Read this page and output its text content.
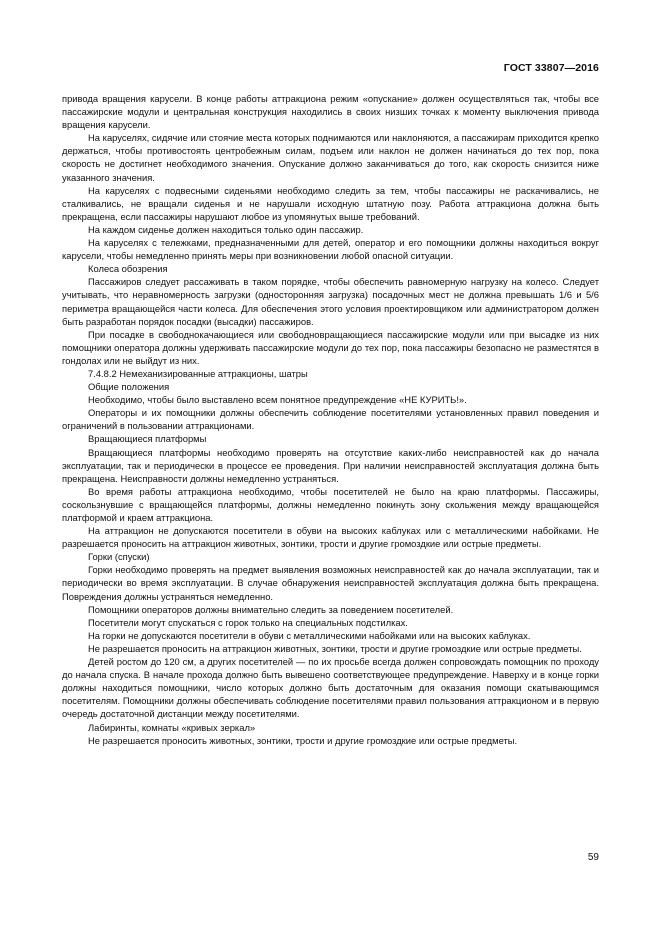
ГОСТ 33807—2016

привода вращения карусели. В конце работы аттракциона режим «опускание» должен осуществляться так, чтобы все пассажирские модули и центральная конструкция находились в своих низших точках к моменту выключения привода вращения карусели.

На каруселях, сидячие или стоячие места которых поднимаются или наклоняются, а пассажирам приходится крепко держаться, чтобы противостоять центробежным силам, подъем или наклон не должен начинаться до тех пор, пока скорость не достигнет необходимого значения. Опускание должно заканчиваться до того, как скорость снизится ниже указанного значения.

На каруселях с подвесными сиденьями необходимо следить за тем, чтобы пассажиры не раскачивались, не сталкивались, не вращали сиденья и не нарушали исходную штатную позу. Работа аттракциона должна быть прекращена, если пассажиры нарушают любое из упомянутых выше требований.

На каждом сиденье должен находиться только один пассажир.

На каруселях с тележками, предназначенными для детей, оператор и его помощники должны находиться вокруг карусели, чтобы немедленно принять меры при возникновении любой опасной ситуации.

Колеса обозрения

Пассажиров следует рассаживать в таком порядке, чтобы обеспечить равномерную нагрузку на колесо. Следует учитывать, что неравномерность загрузки (односторонняя загрузка) посадочных мест не должна превышать 1/6 и 5/6 периметра вращающейся части колеса. Для обеспечения этого условия проектировщиком или администратором должен быть разработан порядок посадки (высадки) пассажиров.

При посадке в свободнокачающиеся или свободновращающиеся пассажирские модули или при высадке из них помощники оператора должны удерживать пассажирские модули до тех пор, пока пассажиры безопасно не разместятся в гондолах или не выйдут из них.

7.4.8.2 Немеханизированные аттракционы, шатры

Общие положения

Необходимо, чтобы было выставлено всем понятное предупреждение «НЕ КУРИТЬ!».

Операторы и их помощники должны обеспечить соблюдение посетителями установленных правил поведения и ограничений в пользовании аттракционами.

Вращающиеся платформы

Вращающиеся платформы необходимо проверять на отсутствие каких-либо неисправностей как до начала эксплуатации, так и периодически в процессе ее проведения. При наличии неисправностей эксплуатация должна быть прекращена. Неисправности должны немедленно устраняться.

Во время работы аттракциона необходимо, чтобы посетителей не было на краю платформы. Пассажиры, соскользнувшие с вращающейся платформы, должны немедленно покинуть зону скольжения между вращающейся платформой и краем аттракциона.

На аттракцион не допускаются посетители в обуви на высоких каблуках или с металлическими набойками. Не разрешается проносить на аттракцион животных, зонтики, трости и другие громоздкие или острые предметы.

Горки (спуски)

Горки необходимо проверять на предмет выявления возможных неисправностей как до начала эксплуатации, так и периодически во время эксплуатации. В случае обнаружения неисправностей эксплуатация должна быть прекращена. Повреждения должны устраняться немедленно.

Помощники операторов должны внимательно следить за поведением посетителей.

Посетители могут спускаться с горок только на специальных подстилках.

На горки не допускаются посетители в обуви с металлическими набойками или на высоких каблуках.

Не разрешается проносить на аттракцион животных, зонтики, трости и другие громоздкие или острые предметы.

Детей ростом до 120 см, а других посетителей — по их просьбе всегда должен сопровождать помощник по проходу до начала спуска. В начале прохода должно быть вывешено соответствующее предупреждение. Наверху и в конце горки должны находиться помощники, число которых должно быть достаточным для оказания помощи скатывающимся посетителям. Помощники должны обеспечивать соблюдение посетителями правил пользования аттракционом и в первую очередь достаточной дистанции между посетителями.

Лабиринты, комнаты «кривых зеркал»

Не разрешается проносить животных, зонтики, трости и другие громоздкие или острые предметы.

59
